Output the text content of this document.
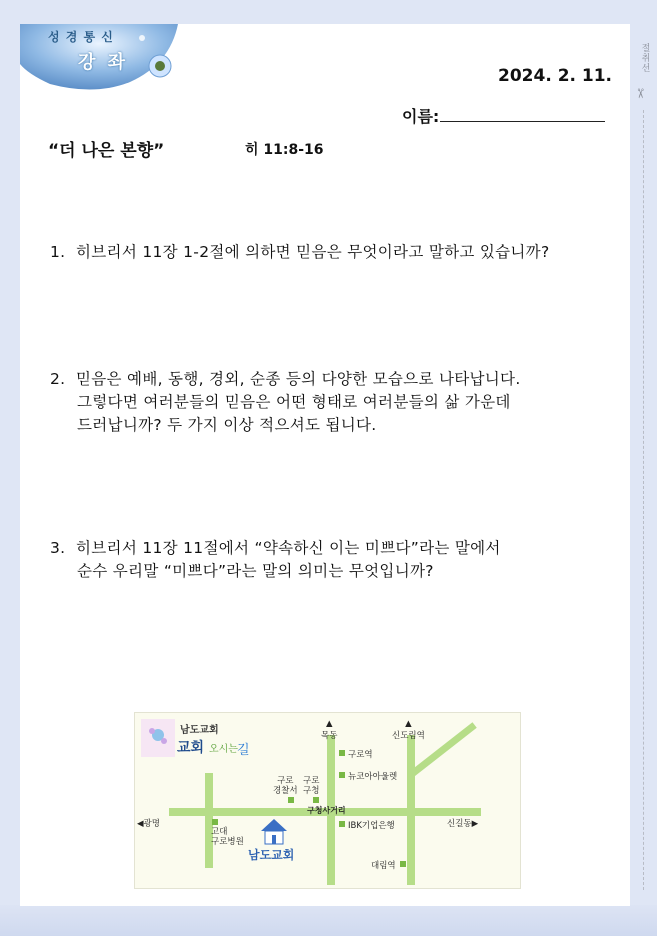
절취선
✂
성 경 통 신
강 좌
2024. 2. 11.
이름:
“더 나은 본향”	히 11:8-16
1. 히브리서 11장 1-2절에 의하면 믿음은 무엇이라고 말하고 있습니까?
2. 믿음은 예배, 동행, 경외, 순종 등의 다양한 모습으로 나타납니다.
그렇다면 여러분들의 믿음은 어떤 형태로 여러분들의 삶 가운데
드러납니까? 두 가지 이상 적으셔도 됩니다.
3. 히브리서 11장 11절에서 “약속하신 이는 미쁘다”라는 말에서
순수 우리말 “미쁘다”라는 말의 의미는 무엇입니까?
남도교회
교회 오시는 길
▲
목동
▲
신도림역
구로역
뉴코아아울렛
구로
경찰서
구로
구청
구청사거리
◀광명	IBK기업은행	신길동▶
고대
구로병원
대림역
남도교회
